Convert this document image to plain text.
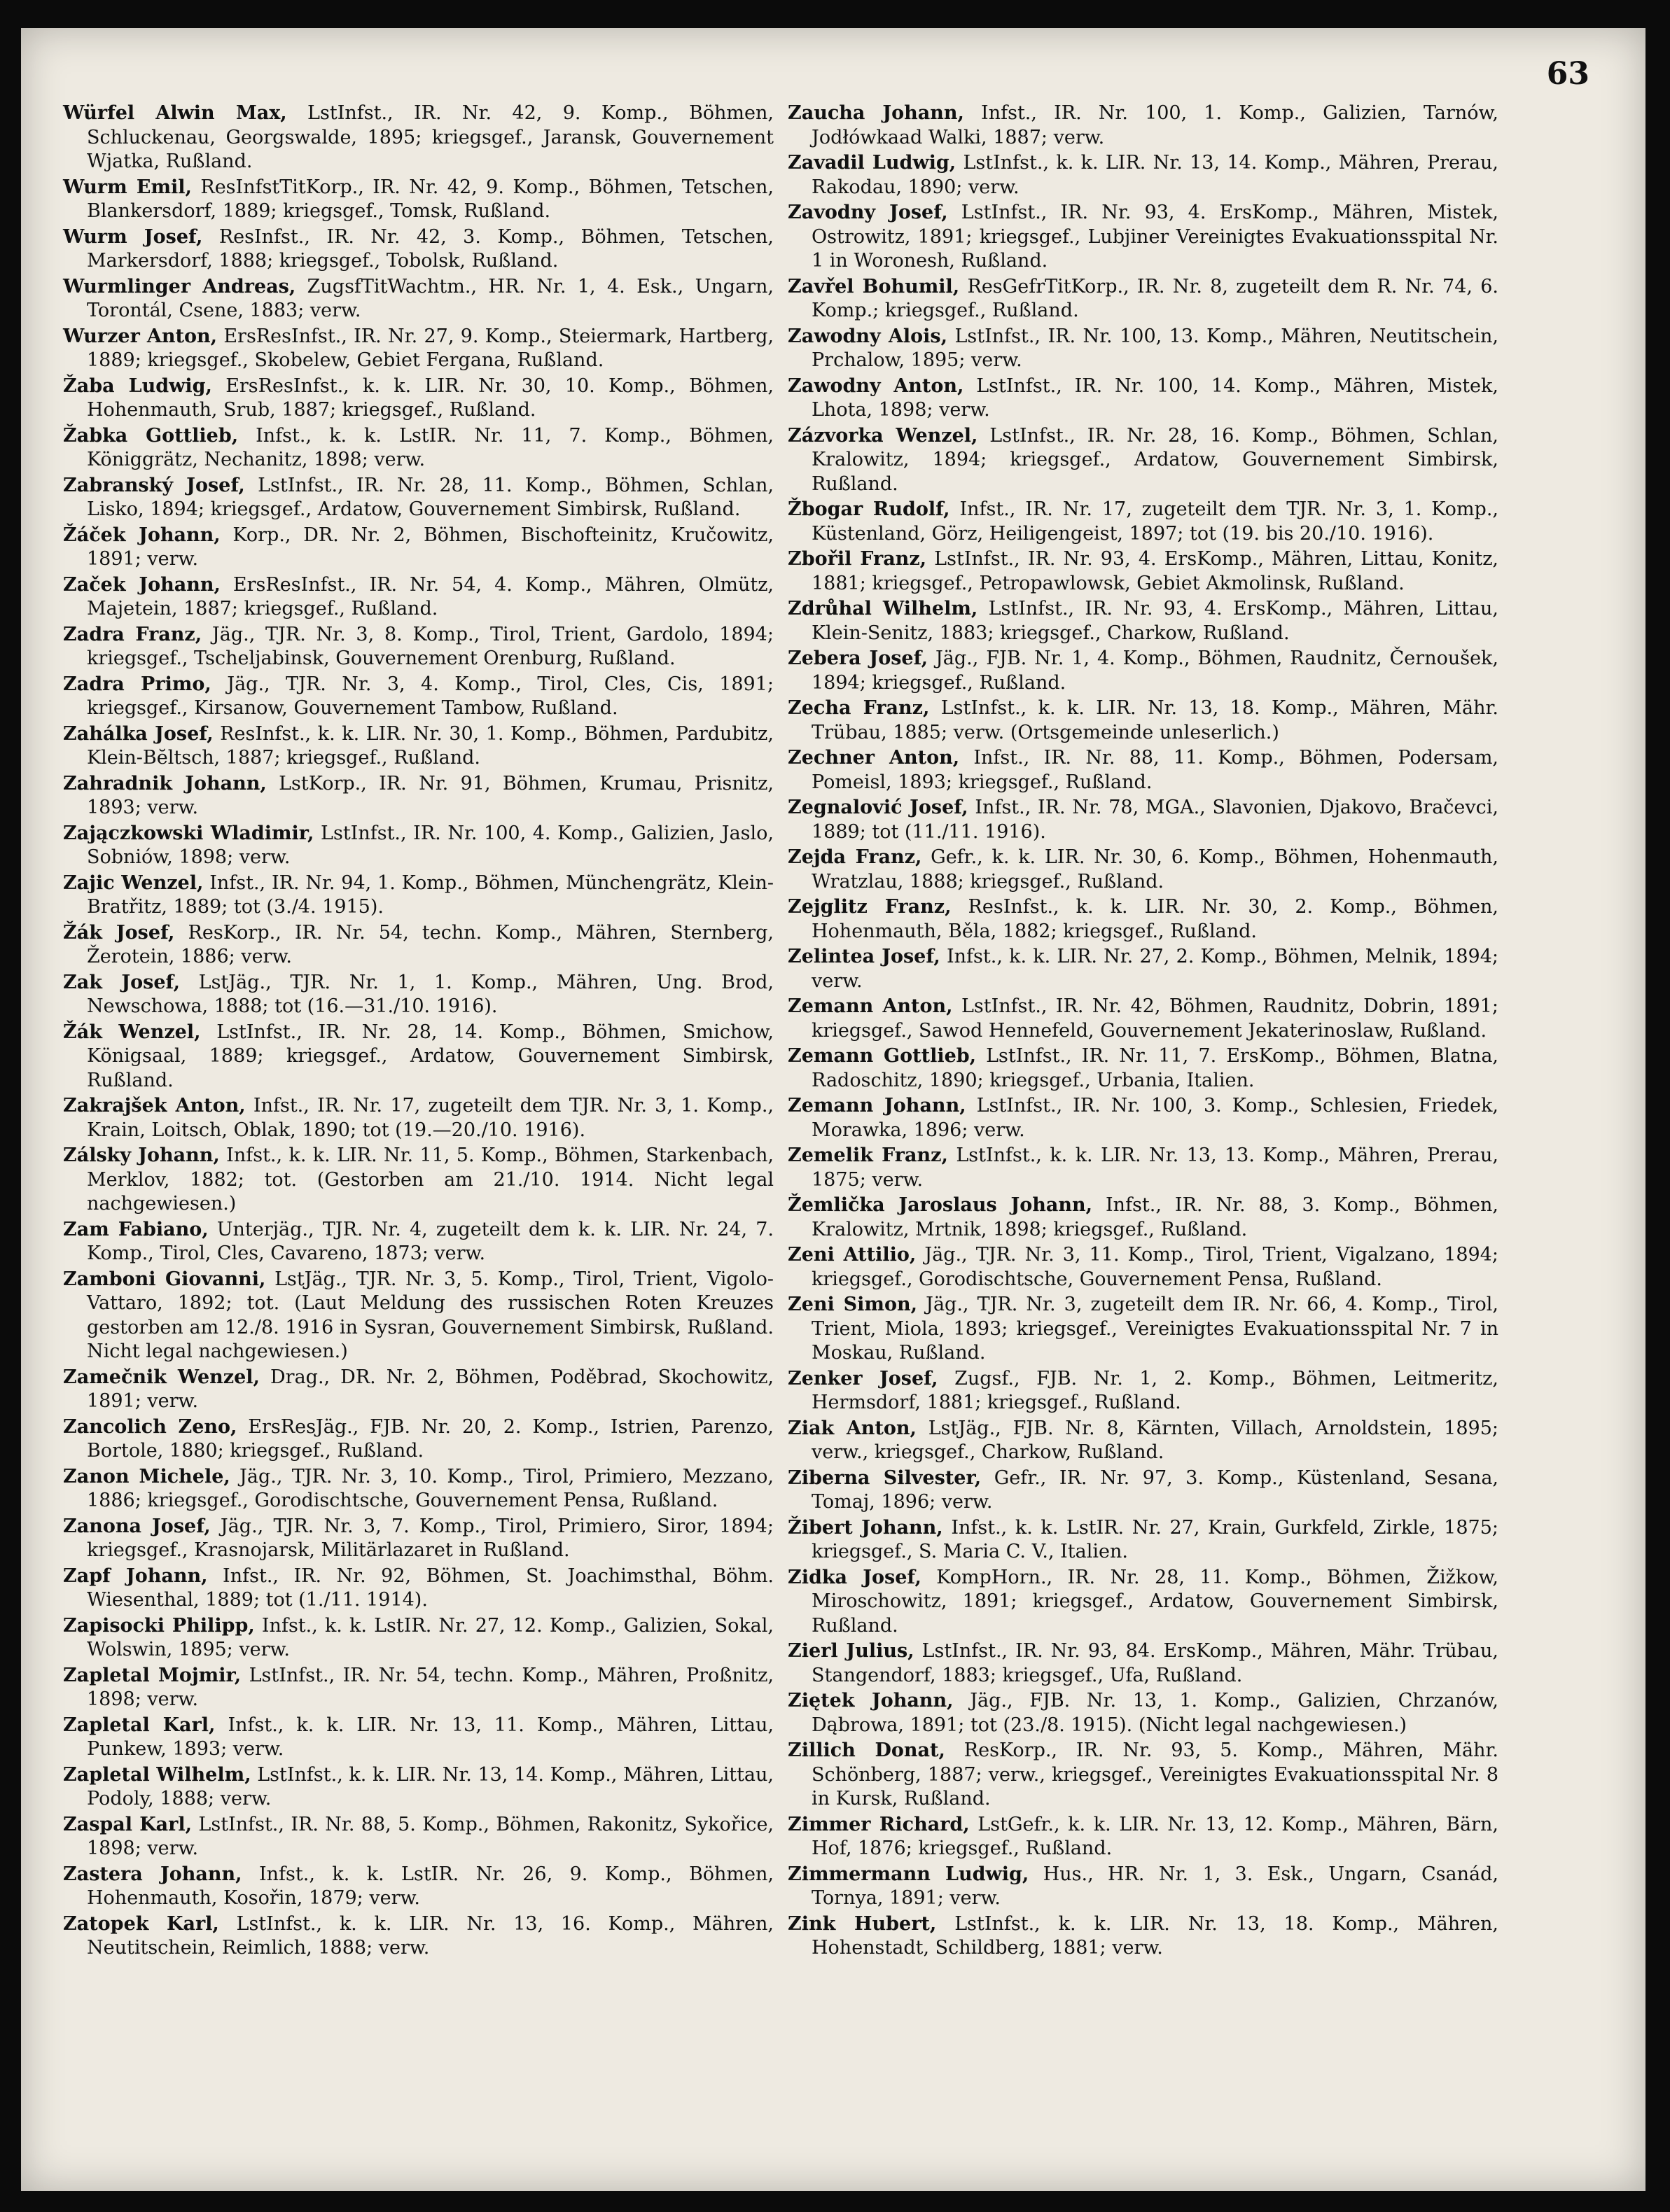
63

Würfel Alwin Max, LstInfst., IR. Nr. 42, 9. Komp., Böhmen, Schluckenau, Georgswalde, 1895; kriegsgef., Jaransk, Gouvernement Wjatka, Rußland.

Wurm Emil, ResInfstTitKorp., IR. Nr. 42, 9. Komp., Böhmen, Tetschen, Blankersdorf, 1889; kriegsgef., Tomsk, Rußland.

Wurm Josef, ResInfst., IR. Nr. 42, 3. Komp., Böhmen, Tetschen, Markersdorf, 1888; kriegsgef., Tobolsk, Rußland.

Wurmlinger Andreas, ZugsfTitWachtm., HR. Nr. 1, 4. Esk., Ungarn, Torontál, Csene, 1883; verw.

Wurzer Anton, ErsResInfst., IR. Nr. 27, 9. Komp., Steiermark, Hartberg, 1889; kriegsgef., Skobelew, Gebiet Fergana, Rußland.

Žaba Ludwig, ErsResInfst., k. k. LIR. Nr. 30, 10. Komp., Böhmen, Hohenmauth, Srub, 1887; kriegsgef., Rußland.

Žabka Gottlieb, Infst., k. k. LstIR. Nr. 11, 7. Komp., Böhmen, Königgrätz, Nechanitz, 1898; verw.

Zabranský Josef, LstInfst., IR. Nr. 28, 11. Komp., Böhmen, Schlan, Lisko, 1894; kriegsgef., Ardatow, Gouvernement Simbirsk, Rußland.

Žáček Johann, Korp., DR. Nr. 2, Böhmen, Bischofteinitz, Kručowitz, 1891; verw.

Začek Johann, ErsResInfst., IR. Nr. 54, 4. Komp., Mähren, Olmütz, Majetein, 1887; kriegsgef., Rußland.

Zadra Franz, Jäg., TJR. Nr. 3, 8. Komp., Tirol, Trient, Gardolo, 1894; kriegsgef., Tscheljabinsk, Gouvernement Orenburg, Rußland.

Zadra Primo, Jäg., TJR. Nr. 3, 4. Komp., Tirol, Cles, Cis, 1891; kriegsgef., Kirsanow, Gouvernement Tambow, Rußland.

Zahálka Josef, ResInfst., k. k. LIR. Nr. 30, 1. Komp., Böhmen, Pardubitz, Klein-Bĕltsch, 1887; kriegsgef., Rußland.

Zahradnik Johann, LstKorp., IR. Nr. 91, Böhmen, Krumau, Prisnitz, 1893; verw.

Zajączkowski Wladimir, LstInfst., IR. Nr. 100, 4. Komp., Galizien, Jaslo, Sobniów, 1898; verw.

Zajic Wenzel, Infst., IR. Nr. 94, 1. Komp., Böhmen, Münchengrätz, Klein-Bratřitz, 1889; tot (3./4. 1915).

Žák Josef, ResKorp., IR. Nr. 54, techn. Komp., Mähren, Sternberg, Žerotein, 1886; verw.

Zak Josef, LstJäg., TJR. Nr. 1, 1. Komp., Mähren, Ung. Brod, Newschowa, 1888; tot (16.—31./10. 1916).

Žák Wenzel, LstInfst., IR. Nr. 28, 14. Komp., Böhmen, Smichow, Königsaal, 1889; kriegsgef., Ardatow, Gouvernement Simbirsk, Rußland.

Zakrajšek Anton, Infst., IR. Nr. 17, zugeteilt dem TJR. Nr. 3, 1. Komp., Krain, Loitsch, Oblak, 1890; tot (19.—20./10. 1916).

Zálsky Johann, Infst., k. k. LIR. Nr. 11, 5. Komp., Böhmen, Starkenbach, Merklov, 1882; tot. (Gestorben am 21./10. 1914. Nicht legal nachgewiesen.)

Zam Fabiano, Unterjäg., TJR. Nr. 4, zugeteilt dem k. k. LIR. Nr. 24, 7. Komp., Tirol, Cles, Cavareno, 1873; verw.

Zamboni Giovanni, LstJäg., TJR. Nr. 3, 5. Komp., Tirol, Trient, Vigolo-Vattaro, 1892; tot. (Laut Meldung des russischen Roten Kreuzes gestorben am 12./8. 1916 in Sysran, Gouvernement Simbirsk, Rußland. Nicht legal nachgewiesen.)

Zamečnik Wenzel, Drag., DR. Nr. 2, Böhmen, Poděbrad, Skochowitz, 1891; verw.

Zancolich Zeno, ErsResJäg., FJB. Nr. 20, 2. Komp., Istrien, Parenzo, Bortole, 1880; kriegsgef., Rußland.

Zanon Michele, Jäg., TJR. Nr. 3, 10. Komp., Tirol, Primiero, Mezzano, 1886; kriegsgef., Gorodischtsche, Gouvernement Pensa, Rußland.

Zanona Josef, Jäg., TJR. Nr. 3, 7. Komp., Tirol, Primiero, Siror, 1894; kriegsgef., Krasnojarsk, Militärlazaret in Rußland.

Zapf Johann, Infst., IR. Nr. 92, Böhmen, St. Joachimsthal, Böhm. Wiesenthal, 1889; tot (1./11. 1914).

Zapisocki Philipp, Infst., k. k. LstIR. Nr. 27, 12. Komp., Galizien, Sokal, Wolswin, 1895; verw.

Zapletal Mojmir, LstInfst., IR. Nr. 54, techn. Komp., Mähren, Proßnitz, 1898; verw.

Zapletal Karl, Infst., k. k. LIR. Nr. 13, 11. Komp., Mähren, Littau, Punkew, 1893; verw.

Zapletal Wilhelm, LstInfst., k. k. LIR. Nr. 13, 14. Komp., Mähren, Littau, Podoly, 1888; verw.

Zaspal Karl, LstInfst., IR. Nr. 88, 5. Komp., Böhmen, Rakonitz, Sykořice, 1898; verw.

Zastera Johann, Infst., k. k. LstIR. Nr. 26, 9. Komp., Böhmen, Hohenmauth, Kosořin, 1879; verw.

Zatopek Karl, LstInfst., k. k. LIR. Nr. 13, 16. Komp., Mähren, Neutitschein, Reimlich, 1888; verw.

Zaucha Johann, Infst., IR. Nr. 100, 1. Komp., Galizien, Tarnów, Jodłówkaad Walki, 1887; verw.

Zavadil Ludwig, LstInfst., k. k. LIR. Nr. 13, 14. Komp., Mähren, Prerau, Rakodau, 1890; verw.

Zavodny Josef, LstInfst., IR. Nr. 93, 4. ErsKomp., Mähren, Mistek, Ostrowitz, 1891; kriegsgef., Lubjiner Vereinigtes Evakuationsspital Nr. 1 in Woronesh, Rußland.

Zavřel Bohumil, ResGefrTitKorp., IR. Nr. 8, zugeteilt dem R. Nr. 74, 6. Komp.; kriegsgef., Rußland.

Zawodny Alois, LstInfst., IR. Nr. 100, 13. Komp., Mähren, Neutitschein, Prchalow, 1895; verw.

Zawodny Anton, LstInfst., IR. Nr. 100, 14. Komp., Mähren, Mistek, Lhota, 1898; verw.

Zázvorka Wenzel, LstInfst., IR. Nr. 28, 16. Komp., Böhmen, Schlan, Kralowitz, 1894; kriegsgef., Ardatow, Gouvernement Simbirsk, Rußland.

Žbogar Rudolf, Infst., IR. Nr. 17, zugeteilt dem TJR. Nr. 3, 1. Komp., Küstenland, Görz, Heiligengeist, 1897; tot (19. bis 20./10. 1916).

Zbořil Franz, LstInfst., IR. Nr. 93, 4. ErsKomp., Mähren, Littau, Konitz, 1881; kriegsgef., Petropawlowsk, Gebiet Akmolinsk, Rußland.

Zdrůhal Wilhelm, LstInfst., IR. Nr. 93, 4. ErsKomp., Mähren, Littau, Klein-Senitz, 1883; kriegsgef., Charkow, Rußland.

Zebera Josef, Jäg., FJB. Nr. 1, 4. Komp., Böhmen, Raudnitz, Černoušek, 1894; kriegsgef., Rußland.

Zecha Franz, LstInfst., k. k. LIR. Nr. 13, 18. Komp., Mähren, Mähr. Trübau, 1885; verw. (Ortsgemeinde unleserlich.)

Zechner Anton, Infst., IR. Nr. 88, 11. Komp., Böhmen, Podersam, Pomeisl, 1893; kriegsgef., Rußland.

Zegnalović Josef, Infst., IR. Nr. 78, MGA., Slavonien, Djakovo, Bračevci, 1889; tot (11./11. 1916).

Zejda Franz, Gefr., k. k. LIR. Nr. 30, 6. Komp., Böhmen, Hohenmauth, Wratzlau, 1888; kriegsgef., Rußland.

Zejglitz Franz, ResInfst., k. k. LIR. Nr. 30, 2. Komp., Böhmen, Hohenmauth, Běla, 1882; kriegsgef., Rußland.

Zelintea Josef, Infst., k. k. LIR. Nr. 27, 2. Komp., Böhmen, Melnik, 1894; verw.

Zemann Anton, LstInfst., IR. Nr. 42, Böhmen, Raudnitz, Dobrin, 1891; kriegsgef., Sawod Hennefeld, Gouvernement Jekaterinoslaw, Rußland.

Zemann Gottlieb, LstInfst., IR. Nr. 11, 7. ErsKomp., Böhmen, Blatna, Radoschitz, 1890; kriegsgef., Urbania, Italien.

Zemann Johann, LstInfst., IR. Nr. 100, 3. Komp., Schlesien, Friedek, Morawka, 1896; verw.

Zemelik Franz, LstInfst., k. k. LIR. Nr. 13, 13. Komp., Mähren, Prerau, 1875; verw.

Žemlička Jaroslaus Johann, Infst., IR. Nr. 88, 3. Komp., Böhmen, Kralowitz, Mrtnik, 1898; kriegsgef., Rußland.

Zeni Attilio, Jäg., TJR. Nr. 3, 11. Komp., Tirol, Trient, Vigalzano, 1894; kriegsgef., Gorodischtsche, Gouvernement Pensa, Rußland.

Zeni Simon, Jäg., TJR. Nr. 3, zugeteilt dem IR. Nr. 66, 4. Komp., Tirol, Trient, Miola, 1893; kriegsgef., Vereinigtes Evakuationsspital Nr. 7 in Moskau, Rußland.

Zenker Josef, Zugsf., FJB. Nr. 1, 2. Komp., Böhmen, Leitmeritz, Hermsdorf, 1881; kriegsgef., Rußland.

Ziak Anton, LstJäg., FJB. Nr. 8, Kärnten, Villach, Arnoldstein, 1895; verw., kriegsgef., Charkow, Rußland.

Ziberna Silvester, Gefr., IR. Nr. 97, 3. Komp., Küstenland, Sesana, Tomaj, 1896; verw.

Žibert Johann, Infst., k. k. LstIR. Nr. 27, Krain, Gurkfeld, Zirkle, 1875; kriegsgef., S. Maria C. V., Italien.

Zidka Josef, KompHorn., IR. Nr. 28, 11. Komp., Böhmen, Žižkow, Miroschowitz, 1891; kriegsgef., Ardatow, Gouvernement Simbirsk, Rußland.

Zierl Julius, LstInfst., IR. Nr. 93, 84. ErsKomp., Mähren, Mähr. Trübau, Stangendorf, 1883; kriegsgef., Ufa, Rußland.

Ziętek Johann, Jäg., FJB. Nr. 13, 1. Komp., Galizien, Chrzanów, Dąbrowa, 1891; tot (23./8. 1915). (Nicht legal nachgewiesen.)

Zillich Donat, ResKorp., IR. Nr. 93, 5. Komp., Mähren, Mähr. Schönberg, 1887; verw., kriegsgef., Vereinigtes Evakuationsspital Nr. 8 in Kursk, Rußland.

Zimmer Richard, LstGefr., k. k. LIR. Nr. 13, 12. Komp., Mähren, Bärn, Hof, 1876; kriegsgef., Rußland.

Zimmermann Ludwig, Hus., HR. Nr. 1, 3. Esk., Ungarn, Csanád, Tornya, 1891; verw.

Zink Hubert, LstInfst., k. k. LIR. Nr. 13, 18. Komp., Mähren, Hohenstadt, Schildberg, 1881; verw.
